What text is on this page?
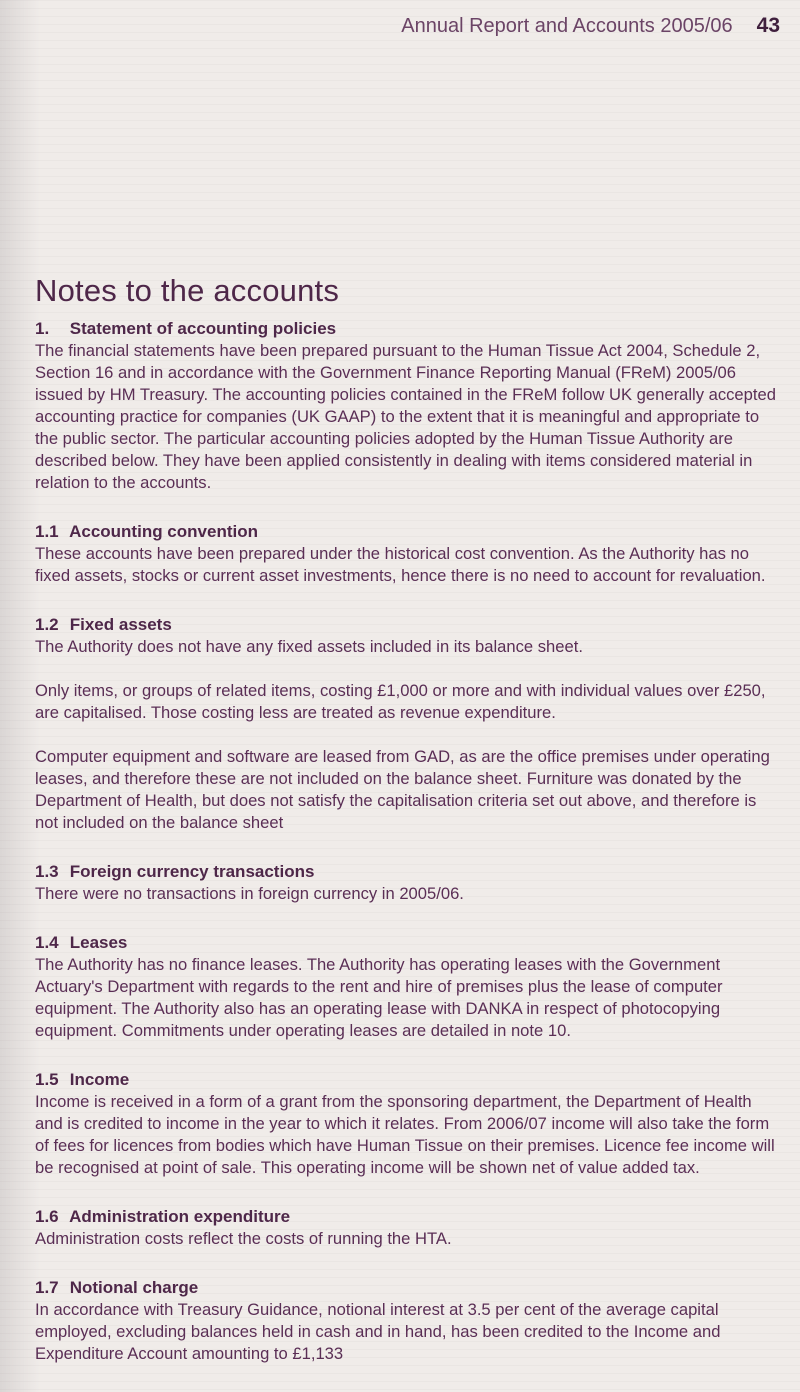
Annual Report and Accounts 2005/06 43
Notes to the accounts
1. Statement of accounting policies

The financial statements have been prepared pursuant to the Human Tissue Act 2004, Schedule 2, Section 16 and in accordance with the Government Finance Reporting Manual (FReM) 2005/06 issued by HM Treasury. The accounting policies contained in the FReM follow UK generally accepted accounting practice for companies (UK GAAP) to the extent that it is meaningful and appropriate to the public sector. The particular accounting policies adopted by the Human Tissue Authority are described below. They have been applied consistently in dealing with items considered material in relation to the accounts.

1.1 Accounting convention

These accounts have been prepared under the historical cost convention. As the Authority has no fixed assets, stocks or current asset investments, hence there is no need to account for revaluation.

1.2 Fixed assets

The Authority does not have any fixed assets included in its balance sheet.

Only items, or groups of related items, costing £1,000 or more and with individual values over £250, are capitalised. Those costing less are treated as revenue expenditure.

Computer equipment and software are leased from GAD, as are the office premises under operating leases, and therefore these are not included on the balance sheet. Furniture was donated by the Department of Health, but does not satisfy the capitalisation criteria set out above, and therefore is not included on the balance sheet

1.3 Foreign currency transactions

There were no transactions in foreign currency in 2005/06.

1.4 Leases

The Authority has no finance leases. The Authority has operating leases with the Government Actuary's Department with regards to the rent and hire of premises plus the lease of computer equipment. The Authority also has an operating lease with DANKA in respect of photocopying equipment. Commitments under operating leases are detailed in note 10.

1.5 Income

Income is received in a form of a grant from the sponsoring department, the Department of Health and is credited to income in the year to which it relates. From 2006/07 income will also take the form of fees for licences from bodies which have Human Tissue on their premises. Licence fee income will be recognised at point of sale. This operating income will be shown net of value added tax.

1.6 Administration expenditure

Administration costs reflect the costs of running the HTA.

1.7 Notional charge

In accordance with Treasury Guidance, notional interest at 3.5 per cent of the average capital employed, excluding balances held in cash and in hand, has been credited to the Income and Expenditure Account amounting to £1,133
